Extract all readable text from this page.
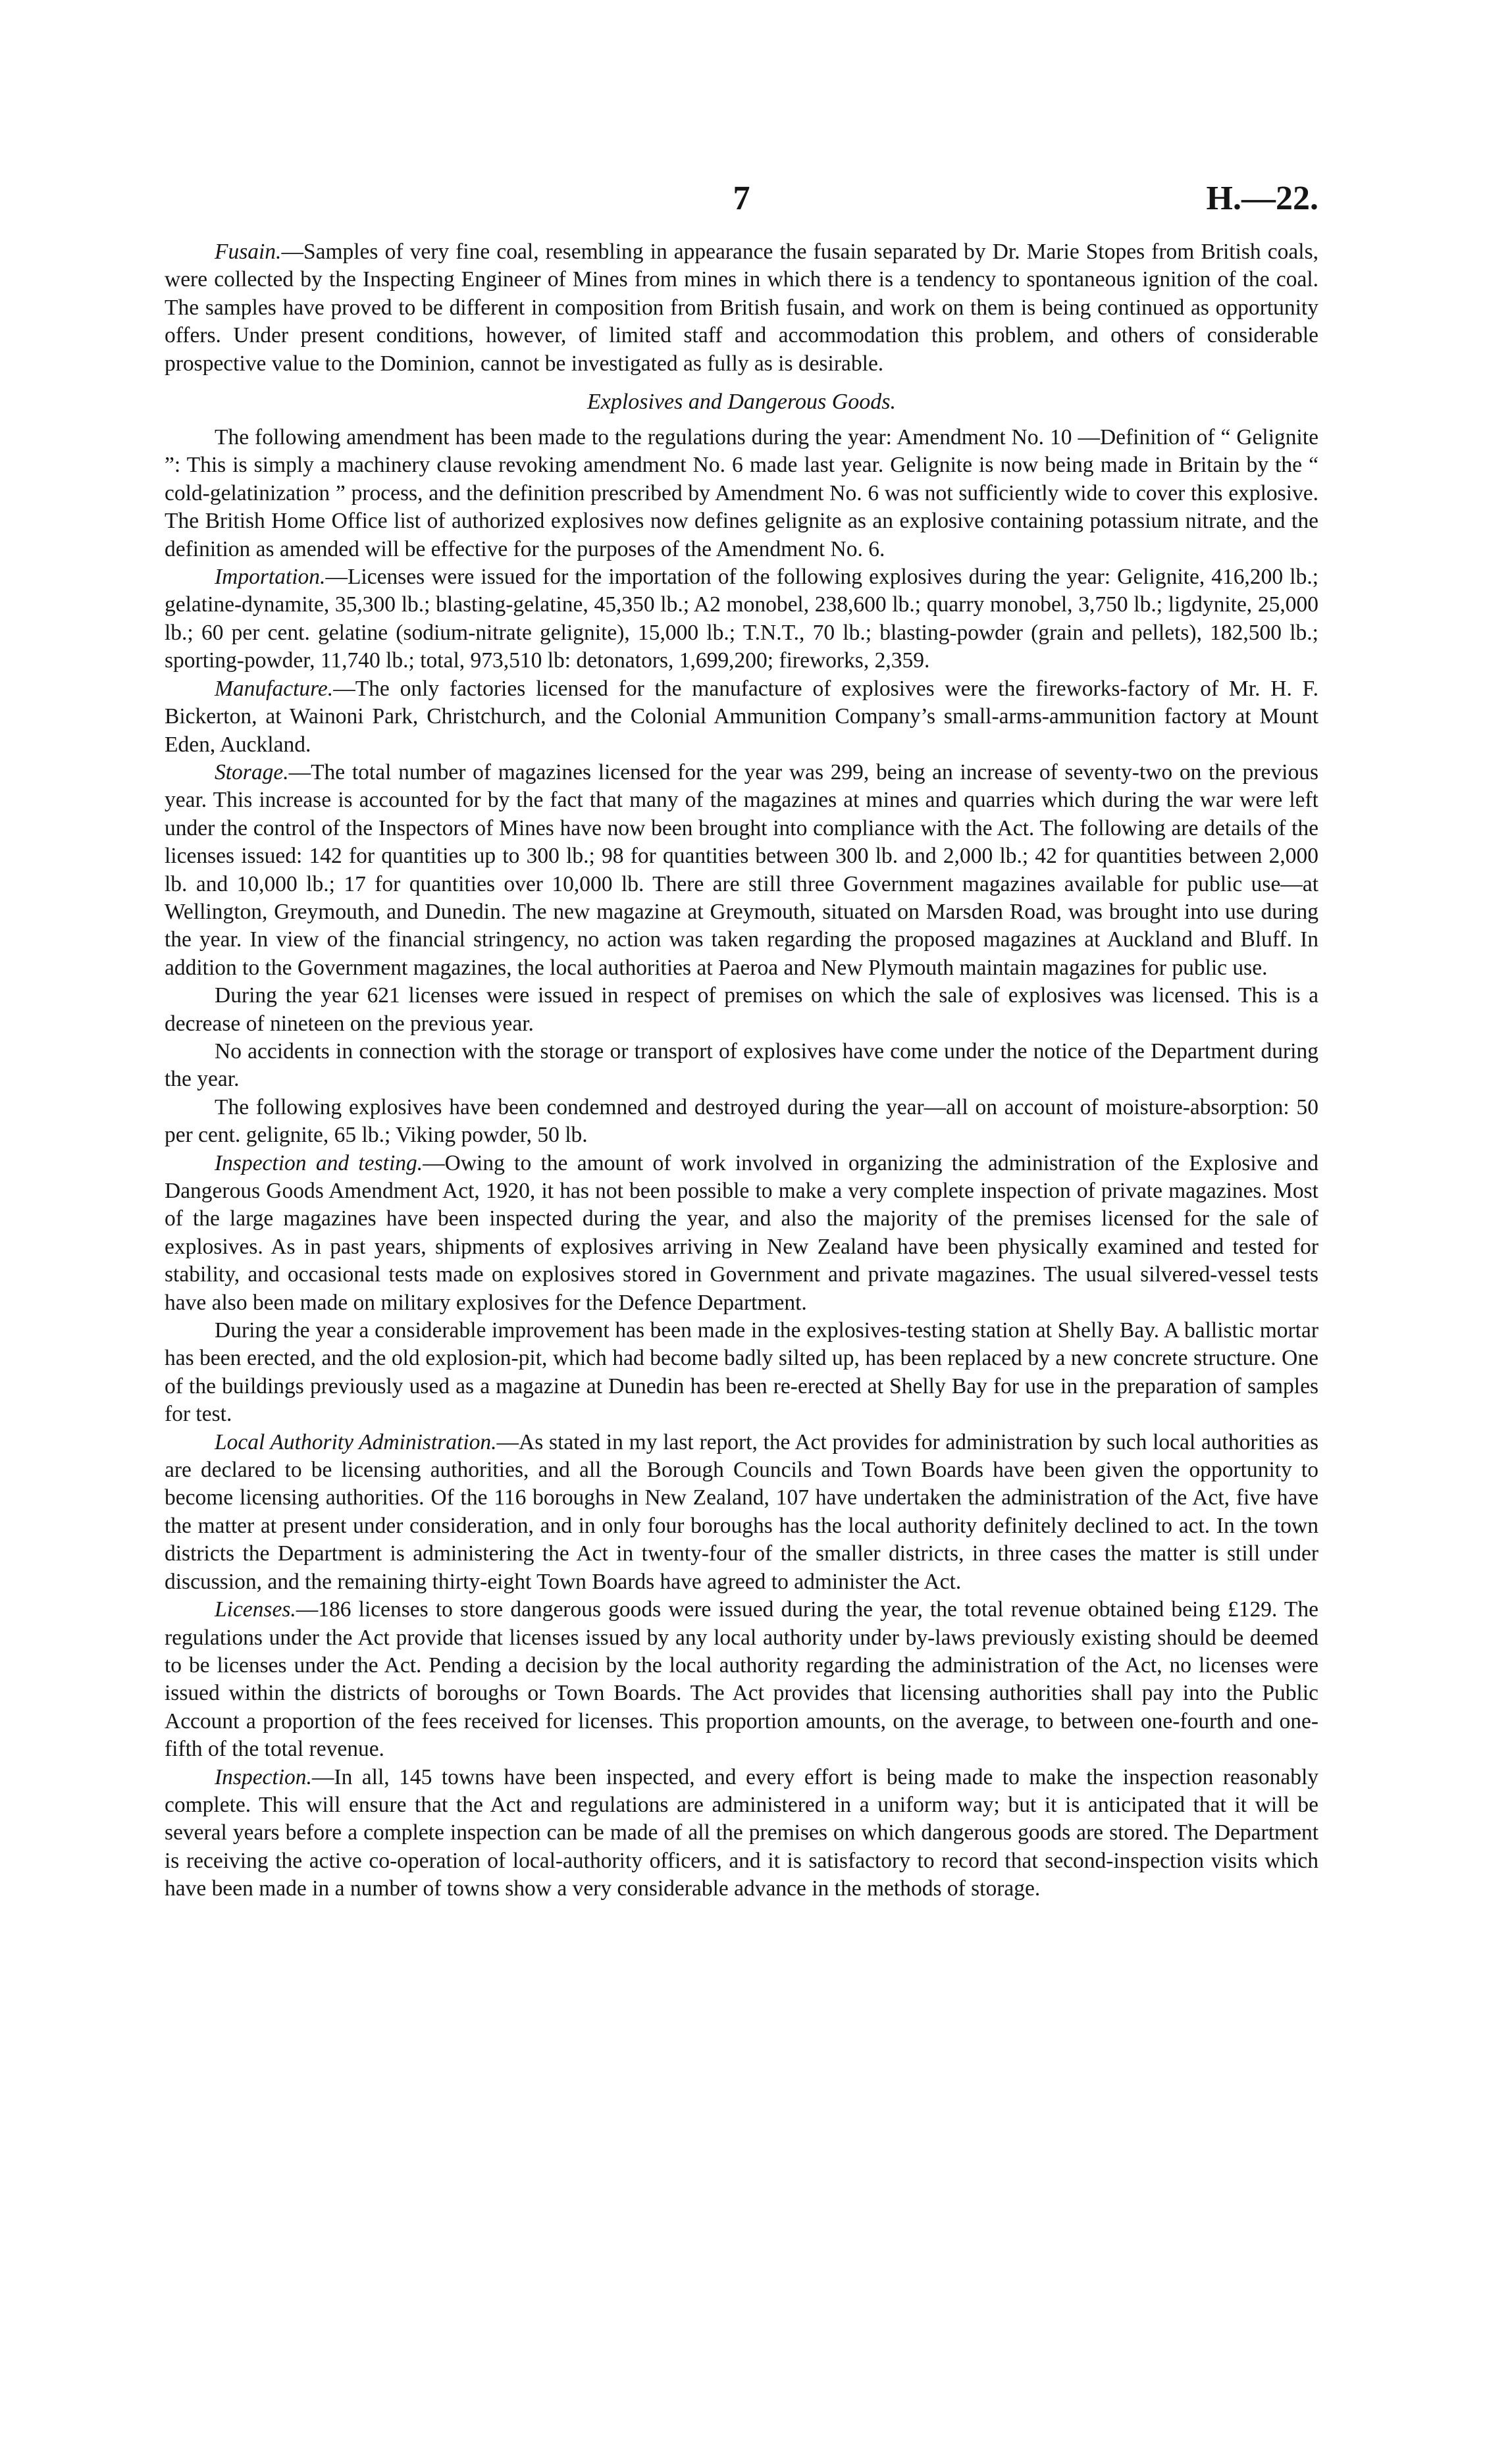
7	H.—22.

Fusain.—Samples of very fine coal, resembling in appearance the fusain separated by Dr. Marie Stopes from British coals, were collected by the Inspecting Engineer of Mines from mines in which there is a tendency to spontaneous ignition of the coal. The samples have proved to be different in composition from British fusain, and work on them is being continued as opportunity offers. Under present conditions, however, of limited staff and accommodation this problem, and others of considerable prospective value to the Dominion, cannot be investigated as fully as is desirable.

Explosives and Dangerous Goods.

The following amendment has been made to the regulations during the year: Amendment No. 10 —Definition of “ Gelignite ”: This is simply a machinery clause revoking amendment No. 6 made last year. Gelignite is now being made in Britain by the “ cold-gelatinization ” process, and the definition prescribed by Amendment No. 6 was not sufficiently wide to cover this explosive. The British Home Office list of authorized explosives now defines gelignite as an explosive containing potassium nitrate, and the definition as amended will be effective for the purposes of the Amendment No. 6.

Importation.—Licenses were issued for the importation of the following explosives during the year: Gelignite, 416,200 lb.; gelatine-dynamite, 35,300 lb.; blasting-gelatine, 45,350 lb.; A2 monobel, 238,600 lb.; quarry monobel, 3,750 lb.; ligdynite, 25,000 lb.; 60 per cent. gelatine (sodium-nitrate gelignite), 15,000 lb.; T.N.T., 70 lb.; blasting-powder (grain and pellets), 182,500 lb.; sporting-powder, 11,740 lb.; total, 973,510 lb: detonators, 1,699,200; fireworks, 2,359.

Manufacture.—The only factories licensed for the manufacture of explosives were the fireworks-factory of Mr. H. F. Bickerton, at Wainoni Park, Christchurch, and the Colonial Ammunition Company’s small-arms-ammunition factory at Mount Eden, Auckland.

Storage.—The total number of magazines licensed for the year was 299, being an increase of seventy-two on the previous year. This increase is accounted for by the fact that many of the magazines at mines and quarries which during the war were left under the control of the Inspectors of Mines have now been brought into compliance with the Act. The following are details of the licenses issued: 142 for quantities up to 300 lb.; 98 for quantities between 300 lb. and 2,000 lb.; 42 for quantities between 2,000 lb. and 10,000 lb.; 17 for quantities over 10,000 lb. There are still three Government magazines available for public use—at Wellington, Greymouth, and Dunedin. The new magazine at Greymouth, situated on Marsden Road, was brought into use during the year. In view of the financial stringency, no action was taken regarding the proposed magazines at Auckland and Bluff. In addition to the Government magazines, the local authorities at Paeroa and New Plymouth maintain magazines for public use.

During the year 621 licenses were issued in respect of premises on which the sale of explosives was licensed. This is a decrease of nineteen on the previous year.

No accidents in connection with the storage or transport of explosives have come under the notice of the Department during the year.

The following explosives have been condemned and destroyed during the year—all on account of moisture-absorption: 50 per cent. gelignite, 65 lb.; Viking powder, 50 lb.

Inspection and testing.—Owing to the amount of work involved in organizing the administration of the Explosive and Dangerous Goods Amendment Act, 1920, it has not been possible to make a very complete inspection of private magazines. Most of the large magazines have been inspected during the year, and also the majority of the premises licensed for the sale of explosives. As in past years, shipments of explosives arriving in New Zealand have been physically examined and tested for stability, and occasional tests made on explosives stored in Government and private magazines. The usual silvered-vessel tests have also been made on military explosives for the Defence Department.

During the year a considerable improvement has been made in the explosives-testing station at Shelly Bay. A ballistic mortar has been erected, and the old explosion-pit, which had become badly silted up, has been replaced by a new concrete structure. One of the buildings previously used as a magazine at Dunedin has been re-erected at Shelly Bay for use in the preparation of samples for test.

Local Authority Administration.—As stated in my last report, the Act provides for administration by such local authorities as are declared to be licensing authorities, and all the Borough Councils and Town Boards have been given the opportunity to become licensing authorities. Of the 116 boroughs in New Zealand, 107 have undertaken the administration of the Act, five have the matter at present under consideration, and in only four boroughs has the local authority definitely declined to act. In the town districts the Department is administering the Act in twenty-four of the smaller districts, in three cases the matter is still under discussion, and the remaining thirty-eight Town Boards have agreed to administer the Act.

Licenses.—186 licenses to store dangerous goods were issued during the year, the total revenue obtained being £129. The regulations under the Act provide that licenses issued by any local authority under by-laws previously existing should be deemed to be licenses under the Act. Pending a decision by the local authority regarding the administration of the Act, no licenses were issued within the districts of boroughs or Town Boards. The Act provides that licensing authorities shall pay into the Public Account a proportion of the fees received for licenses. This proportion amounts, on the average, to between one-fourth and one-fifth of the total revenue.

Inspection.—In all, 145 towns have been inspected, and every effort is being made to make the inspection reasonably complete. This will ensure that the Act and regulations are administered in a uniform way; but it is anticipated that it will be several years before a complete inspection can be made of all the premises on which dangerous goods are stored. The Department is receiving the active co-operation of local-authority officers, and it is satisfactory to record that second-inspection visits which have been made in a number of towns show a very considerable advance in the methods of storage.
